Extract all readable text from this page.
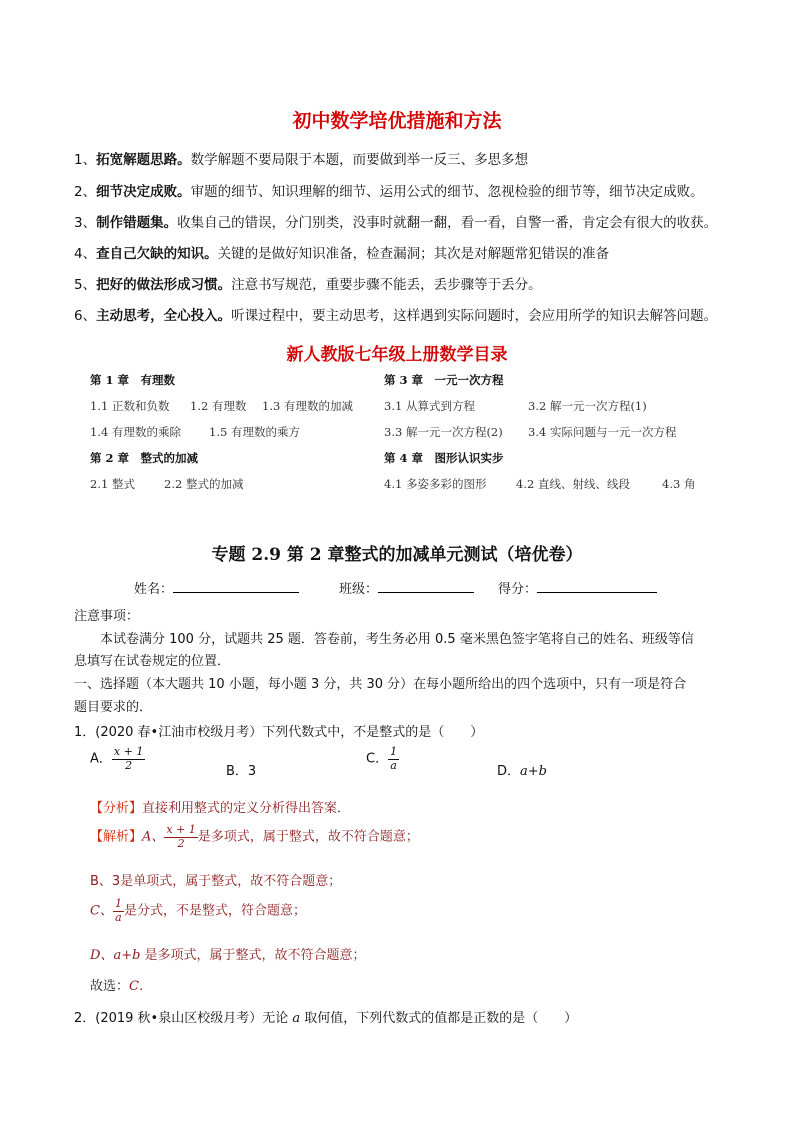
初中数学培优措施和方法
1、拓宽解题思路。数学解题不要局限于本题，而要做到举一反三、多思多想
2、细节决定成败。审题的细节、知识理解的细节、运用公式的细节、忽视检验的细节等，细节决定成败。
3、制作错题集。收集自己的错误，分门别类，没事时就翻一翻，看一看，自警一番，肯定会有很大的收获。
4、查自己欠缺的知识。关键的是做好知识准备，检查漏洞；其次是对解题常犯错误的准备
5、把好的做法形成习惯。注意书写规范，重要步骤不能丢，丢步骤等于丢分。
6、主动思考，全心投入。听课过程中，要主动思考，这样遇到实际问题时，会应用所学的知识去解答问题。
新人教版七年级上册数学目录
第 1 章　有理数
1.1 正数和负数 1.2 有理数 1.3 有理数的加减
1.4 有理数的乘除 1.5 有理数的乘方
第 2 章　整式的加减
2.1 整式	2.2 整式的加减
第 3 章　一元一次方程
3.1 从算式到方程	3.2 解一元一次方程(1)
3.3 解一元一次方程(2) 3.4 实际问题与一元一次方程
第 4 章　图形认识实步
4.1 多姿多彩的图形	4.2 直线、射线、线段	4.3 角
专题 2.9 第 2 章整式的加减单元测试（培优卷）
姓名：	班级：	得分：
注意事项：
本试卷满分 100 分，试题共 25 题．答卷前，考生务必用 0.5 毫米黑色签字笔将自己的姓名、班级等信
息填写在试卷规定的位置．
一、选择题（本大题共 10 小题，每小题 3 分，共 30 分）在每小题所给出的四个选项中，只有一项是符合
题目要求的．
1．(2020 春•江油市校级月考）下列代数式中，不是整式的是（　　）
A． $\frac{x + 1}{2}$	B．3
C． $\frac{1}{a}$	D．a+b
【分析】直接利用整式的定义分析得出答案．
【解析】A、 $\frac{x + 1}{2}$ 是多项式，属于整式，故不符合题意；
B、3是单项式，属于整式，故不符合题意；
C、 $\frac{1}{a}$ 是分式，不是整式，符合题意；
D、a+b 是多项式，属于整式，故不符合题意；
故选：C．
2．(2019 秋•泉山区校级月考）无论 a 取何值，下列代数式的值都是正数的是（　　）
